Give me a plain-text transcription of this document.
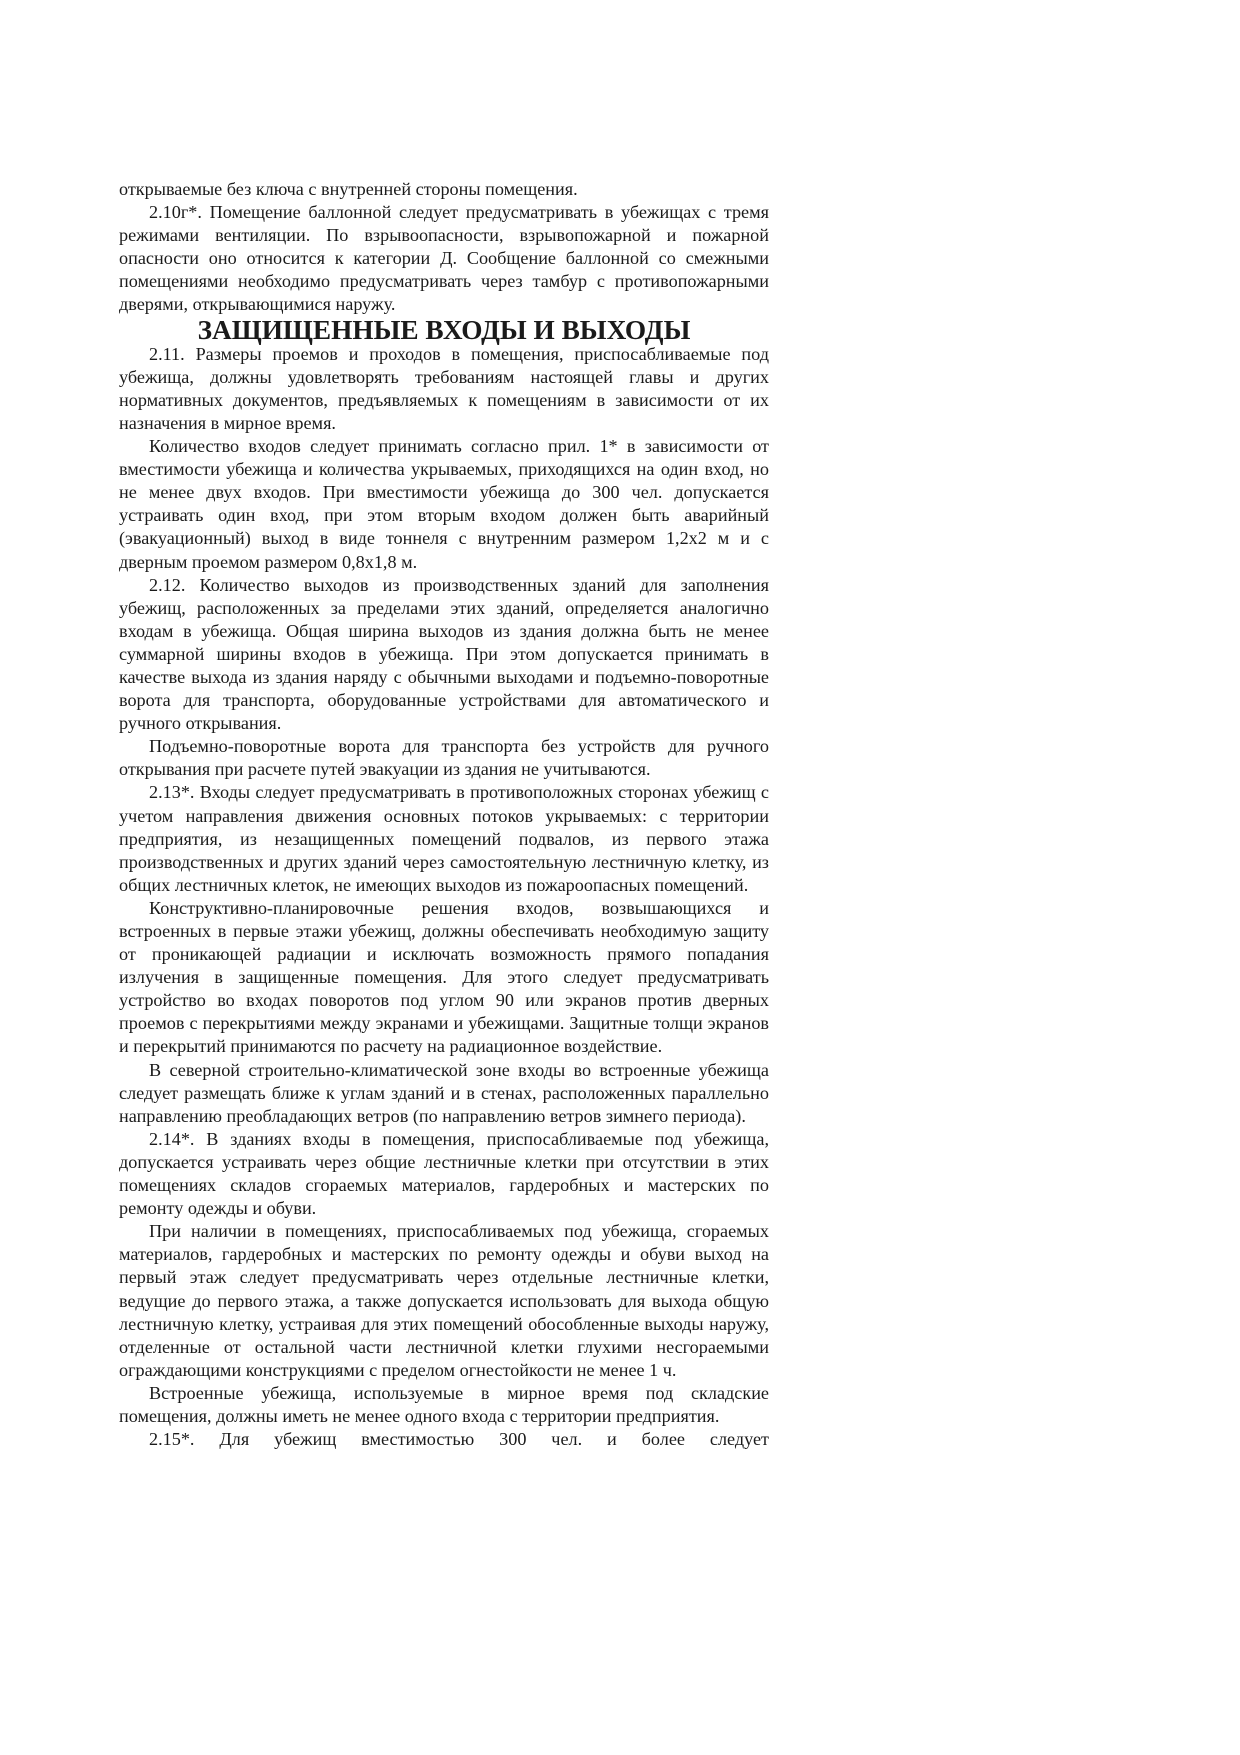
открываемые без ключа с внутренней стороны помещения.

2.10г*. Помещение баллонной следует предусматривать в убежищах с тремя режимами вентиляции. По взрывоопасности, взрывопожарной и пожарной опасности оно относится к категории Д. Сообщение баллонной со смежными помещениями необходимо предусматривать через тамбур с противопожарными дверями, открывающимися наружу.

ЗАЩИЩЕННЫЕ ВХОДЫ И ВЫХОДЫ

2.11. Размеры проемов и проходов в помещения, приспосабливаемые под убежища, должны удовлетворять требованиям настоящей главы и других нормативных документов, предъявляемых к помещениям в зависимости от их назначения в мирное время.

Количество входов следует принимать согласно прил. 1* в зависимости от вместимости убежища и количества укрываемых, приходящихся на один вход, но не менее двух входов. При вместимости убежища до 300 чел. допускается устраивать один вход, при этом вторым входом должен быть аварийный (эвакуационный) выход в виде тоннеля с внутренним размером 1,2х2 м и с дверным проемом размером 0,8х1,8 м.

2.12. Количество выходов из производственных зданий для заполнения убежищ, расположенных за пределами этих зданий, определяется аналогично входам в убежища. Общая ширина выходов из здания должна быть не менее суммарной ширины входов в убежища. При этом допускается принимать в качестве выхода из здания наряду с обычными выходами и подъемно-поворотные ворота для транспорта, оборудованные устройствами для автоматического и ручного открывания.

Подъемно-поворотные ворота для транспорта без устройств для ручного открывания при расчете путей эвакуации из здания не учитываются.

2.13*. Входы следует предусматривать в противоположных сторонах убежищ с учетом направления движения основных потоков укрываемых: с территории предприятия, из незащищенных помещений подвалов, из первого этажа производственных и других зданий через самостоятельную лестничную клетку, из общих лестничных клеток, не имеющих выходов из пожароопасных помещений.

Конструктивно-планировочные решения входов, возвышающихся и встроенных в первые этажи убежищ, должны обеспечивать необходимую защиту от проникающей радиации и исключать возможность прямого попадания излучения в защищенные помещения. Для этого следует предусматривать устройство во входах поворотов под углом 90 или экранов против дверных проемов с перекрытиями между экранами и убежищами. Защитные толщи экранов и перекрытий принимаются по расчету на радиационное воздействие.

В северной строительно-климатической зоне входы во встроенные убежища следует размещать ближе к углам зданий и в стенах, расположенных параллельно направлению преобладающих ветров (по направлению ветров зимнего периода).

2.14*. В зданиях входы в помещения, приспосабливаемые под убежища, допускается устраивать через общие лестничные клетки при отсутствии в этих помещениях складов сгораемых материалов, гардеробных и мастерских по ремонту одежды и обуви.

При наличии в помещениях, приспосабливаемых под убежища, сгораемых материалов, гардеробных и мастерских по ремонту одежды и обуви выход на первый этаж следует предусматривать через отдельные лестничные клетки, ведущие до первого этажа, а также допускается использовать для выхода общую лестничную клетку, устраивая для этих помещений обособленные выходы наружу, отделенные от остальной части лестничной клетки глухими несгораемыми ограждающими конструкциями с пределом огнестойкости не менее 1 ч.

Встроенные убежища, используемые в мирное время под складские помещения, должны иметь не менее одного входа с территории предприятия.

2.15*. Для убежищ вместимостью 300 чел. и более следует
